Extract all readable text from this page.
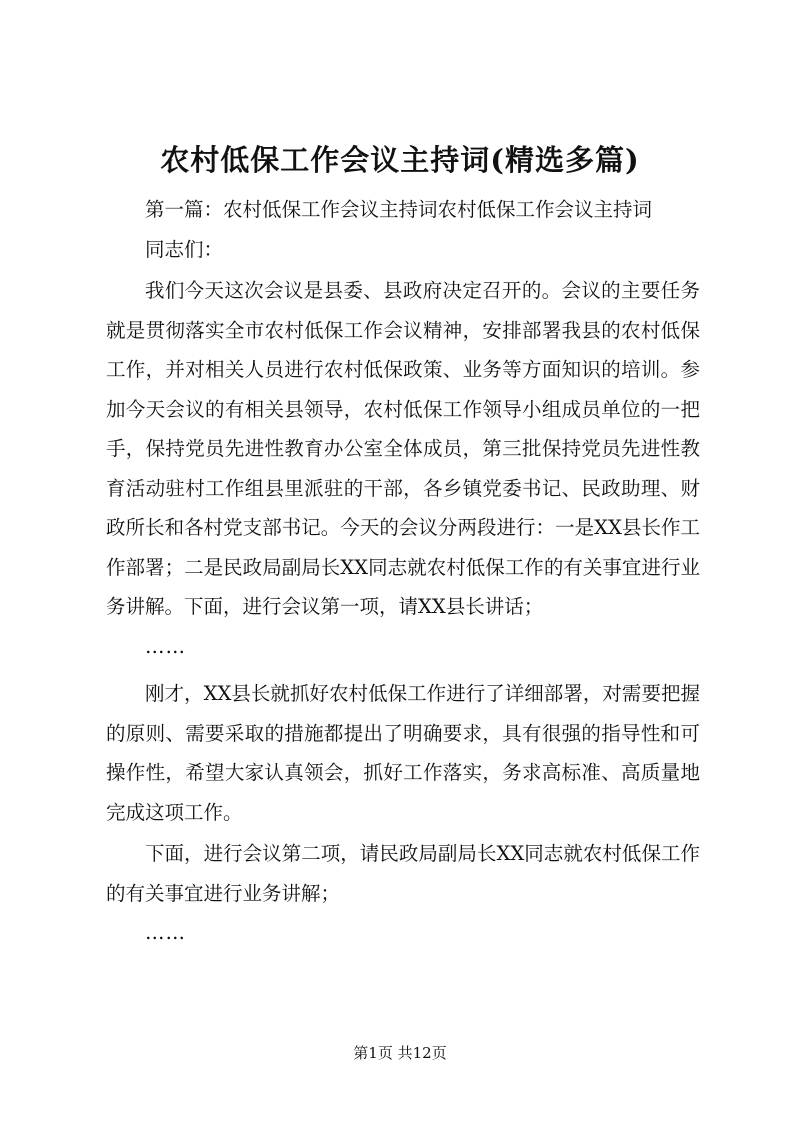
农村低保工作会议主持词(精选多篇)

第一篇：农村低保工作会议主持词农村低保工作会议主持词

同志们：

我们今天这次会议是县委、县政府决定召开的。会议的主要任务就是贯彻落实全市农村低保工作会议精神，安排部署我县的农村低保工作，并对相关人员进行农村低保政策、业务等方面知识的培训。参加今天会议的有相关县领导，农村低保工作领导小组成员单位的一把手，保持党员先进性教育办公室全体成员，第三批保持党员先进性教育活动驻村工作组县里派驻的干部，各乡镇党委书记、民政助理、财政所长和各村党支部书记。今天的会议分两段进行：一是XX县长作工作部署；二是民政局副局长XX同志就农村低保工作的有关事宜进行业务讲解。下面，进行会议第一项，请XX县长讲话；

……

刚才，XX县长就抓好农村低保工作进行了详细部署，对需要把握的原则、需要采取的措施都提出了明确要求，具有很强的指导性和可操作性，希望大家认真领会，抓好工作落实，务求高标准、高质量地完成这项工作。

下面，进行会议第二项，请民政局副局长XX同志就农村低保工作的有关事宜进行业务讲解；

……

第1页 共12页
